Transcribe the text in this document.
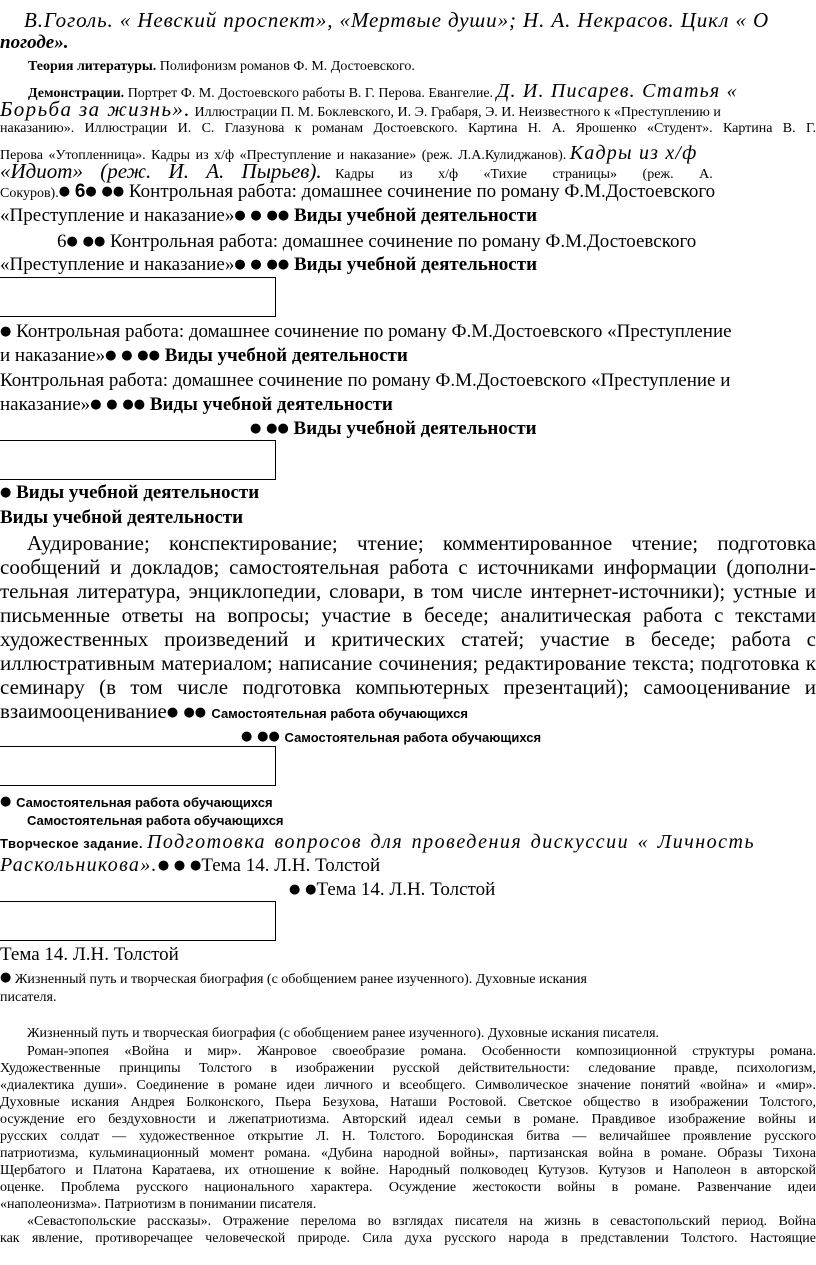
В.Гоголь. « Невский проспект», «Мертвые души»; Н. А. Некрасов. Цикл « О
погоде».
Теория литературы. Полифонизм романов Ф. М. Достоевского.
Демонстрации. Портрет Ф. М. Достоевского работы В. Г. Перова. Евангелие. Д. И. Писарев. Статья «
Борьба за жизнь». Иллюстрации П. М. Боклевского, И. Э. Грабаря, Э. И. Неизвестного к «Преступлению и
наказанию». Иллюстрации И. С. Глазунова к романам Достоевского. Картина Н. А. Ярошенко «Студент». Картина В. Г.
Перова «Утопленница». Кадры из х/ф «Преступление и наказание» (реж. Л.А.Кулиджанов). Кадры из х/ф
«Идиот» (реж. И. А. Пырьев). Кадры из х/ф «Тихие страницы» (реж. А.
Сокуров).● 6● ●● Контрольная работа: домашнее сочинение по роману Ф.М.Достоевского
«Преступление и наказание»● ● ●● Виды учебной деятельности
6● ●● Контрольная работа: домашнее сочинение по роману Ф.М.Достоевского
«Преступление и наказание»● ● ●● Виды учебной деятельности
● Контрольная работа: домашнее сочинение по роману Ф.М.Достоевского «Преступление
и наказание»● ● ●● Виды учебной деятельности
Контрольная работа: домашнее сочинение по роману Ф.М.Достоевского «Преступление и
наказание»● ● ●● Виды учебной деятельности
● ●● Виды учебной деятельности
● Виды учебной деятельности
Виды учебной деятельности
Аудирование; конспектирование; чтение; комментированное чтение; подготовка
сообщений и докладов; самостоятельная работа с источниками информации (дополни-
тельная литература, энциклопедии, словари, в том числе интернет-источники); устные и
письменные ответы на вопросы; участие в беседе; аналитическая работа с текстами
художественных произведений и критических статей; участие в беседе; работа с
иллюстративным материалом; написание сочинения; редактирование текста; подготовка к
семинару (в том числе подготовка компьютерных презентаций); самооценивание и
взаимооценивание● ●● Самостоятельная работа обучающихся
● ●● Самостоятельная работа обучающихся
● Самостоятельная работа обучающихся
Самостоятельная работа обучающихся
Творческое задание. Подготовка вопросов для проведения дискуссии « Личность
Раскольникова».● ● ●Тема 14. Л.Н. Толстой
● ●Тема 14. Л.Н. Толстой
Тема 14. Л.Н. Толстой
● Жизненный путь и творческая биография (с обобщением ранее изученного). Духовные искания
писателя.
Жизненный путь и творческая биография (с обобщением ранее изученного). Духовные искания писателя.
Роман-эпопея «Война и мир». Жанровое своеобразие романа. Особенности композиционной структуры романа.
Художественные принципы Толстого в изображении русской действительности: следование правде, психологизм,
«диалектика души». Соединение в романе идеи личного и всеобщего. Символическое значение понятий «война» и «мир».
Духовные искания Андрея Болконского, Пьера Безухова, Наташи Ростовой. Светское общество в изображении Толстого,
осуждение его бездуховности и лжепатриотизма. Авторский идеал семьи в романе. Правдивое изображение войны и
русских солдат — художественное открытие Л. Н. Толстого. Бородинская битва — величайшее проявление русского
патриотизма, кульминационный момент романа. «Дубина народной войны», партизанская война в романе. Образы Тихона
Щербатого и Платона Каратаева, их отношение к войне. Народный полководец Кутузов. Кутузов и Наполеон в авторской
оценке. Проблема русского национального характера. Осуждение жестокости войны в романе. Развенчание идеи
«наполеонизма». Патриотизм в понимании писателя.
«Севастопольские рассказы». Отражение перелома во взглядах писателя на жизнь в севастопольский период. Война
как явление, противоречащее человеческой природе. Сила духа русского народа в представлении Толстого. Настоящие
